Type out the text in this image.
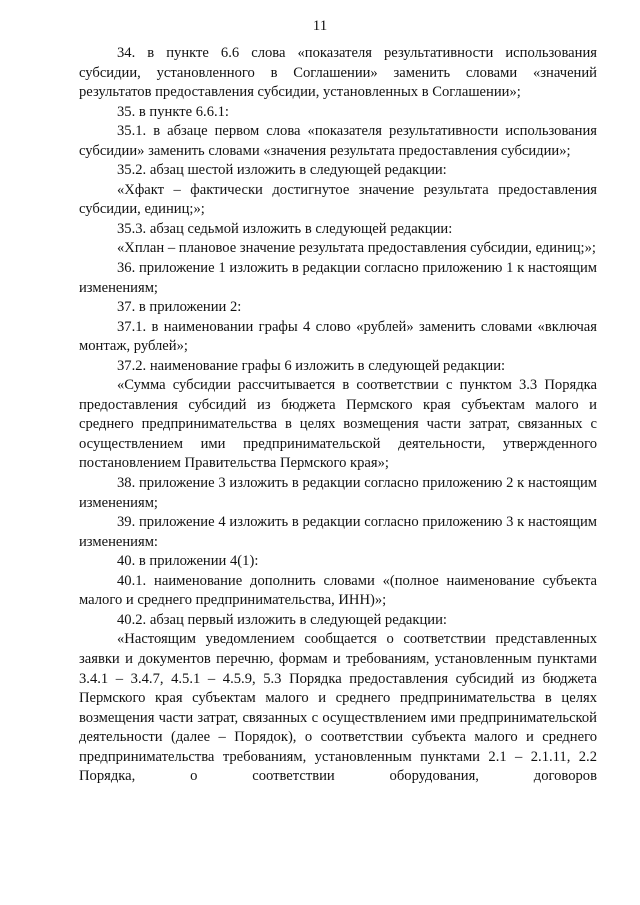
11

34. в пункте 6.6 слова «показателя результативности использования субсидии, установленного в Соглашении» заменить словами «значений результатов предоставления субсидии, установленных в Соглашении»;

35. в пункте 6.6.1:

35.1. в абзаце первом слова «показателя результативности использования субсидии» заменить словами «значения результата предоставления субсидии»;

35.2. абзац шестой изложить в следующей редакции:

«Хфакт – фактически достигнутое значение результата предоставления субсидии, единиц;»;

35.3. абзац седьмой изложить в следующей редакции:

«Хплан – плановое значение результата предоставления субсидии, единиц;»;

36. приложение 1 изложить в редакции согласно приложению 1 к настоящим изменениям;

37. в приложении 2:

37.1. в наименовании графы 4 слово «рублей» заменить словами «включая монтаж, рублей»;

37.2. наименование графы 6 изложить в следующей редакции:

«Сумма субсидии рассчитывается в соответствии с пунктом 3.3 Порядка предоставления субсидий из бюджета Пермского края субъектам малого и среднего предпринимательства в целях возмещения части затрат, связанных с осуществлением ими предпринимательской деятельности, утвержденного постановлением Правительства Пермского края»;

38. приложение 3 изложить в редакции согласно приложению 2 к настоящим изменениям;

39. приложение 4 изложить в редакции согласно приложению 3 к настоящим изменениям:

40. в приложении 4(1):

40.1. наименование дополнить словами «(полное наименование субъекта малого и среднего предпринимательства, ИНН)»;

40.2. абзац первый изложить в следующей редакции:

«Настоящим уведомлением сообщается о соответствии представленных заявки и документов перечню, формам и требованиям, установленным пунктами 3.4.1 – 3.4.7, 4.5.1 – 4.5.9, 5.3 Порядка предоставления субсидий из бюджета Пермского края субъектам малого и среднего предпринимательства в целях возмещения части затрат, связанных с осуществлением ими предпринимательской деятельности (далее – Порядок), о соответствии субъекта малого и среднего предпринимательства требованиям, установленным пунктами 2.1 – 2.1.11, 2.2 Порядка, о соответствии оборудования, договоров
